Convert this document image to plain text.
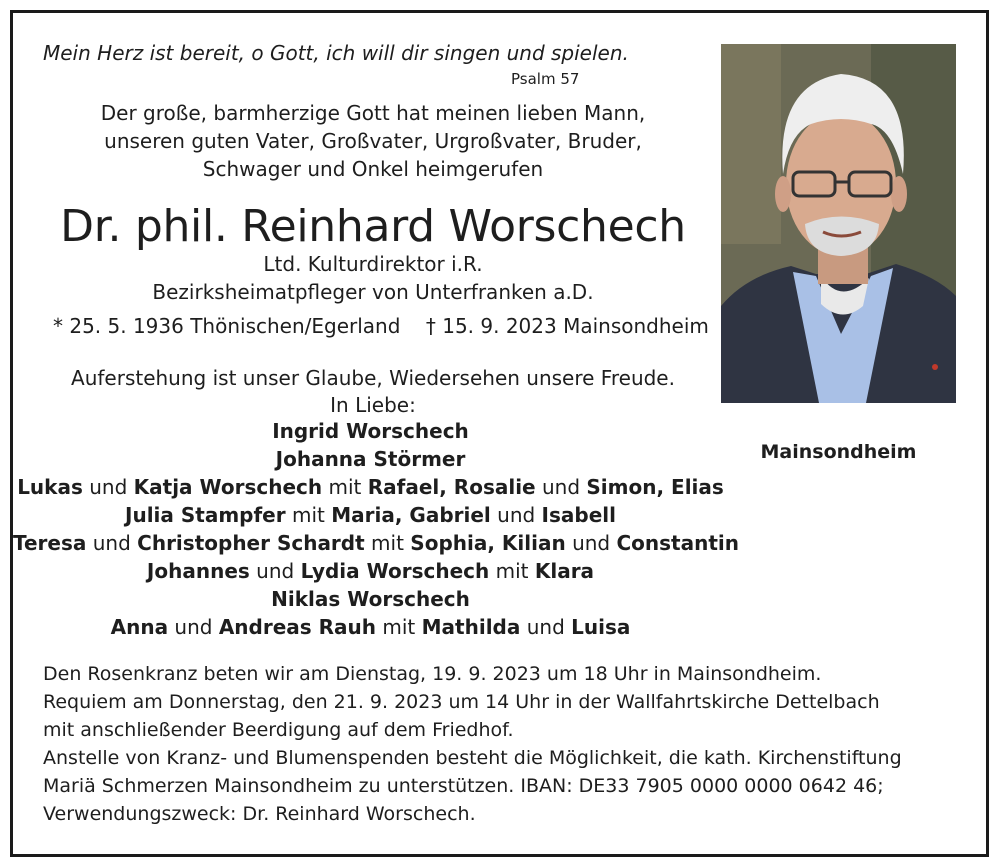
Mein Herz ist bereit, o Gott, ich will dir singen und spielen.
Psalm 57
Der große, barmherzige Gott hat meinen lieben Mann,
unseren guten Vater, Großvater, Urgroßvater, Bruder,
Schwager und Onkel heimgerufen
Dr. phil. Reinhard Worschech
Ltd. Kulturdirektor i.R.
Bezirksheimatpfleger von Unterfranken a.D.
* 25. 5. 1936 Thönischen/Egerland    † 15. 9. 2023 Mainsondheim
Auferstehung ist unser Glaube, Wiedersehen unsere Freude.
In Liebe:
Ingrid Worschech
Johanna Störmer
Lukas und Katja Worschech mit Rafael, Rosalie und Simon, Elias
Julia Stampfer mit Maria, Gabriel und Isabell
Teresa und Christopher Schardt mit Sophia, Kilian und Constantin
Johannes und Lydia Worschech mit Klara
Niklas Worschech
Anna und Andreas Rauh mit Mathilda und Luisa
Mainsondheim
Den Rosenkranz beten wir am Dienstag, 19. 9. 2023 um 18 Uhr in Mainsondheim.
Requiem am Donnerstag, den 21. 9. 2023 um 14 Uhr in der Wallfahrtskirche Dettelbach
mit anschließender Beerdigung auf dem Friedhof.
Anstelle von Kranz- und Blumenspenden besteht die Möglichkeit, die kath. Kirchenstiftung
Mariä Schmerzen Mainsondheim zu unterstützen. IBAN: DE33 7905 0000 0000 0642 46;
Verwendungszweck: Dr. Reinhard Worschech.
